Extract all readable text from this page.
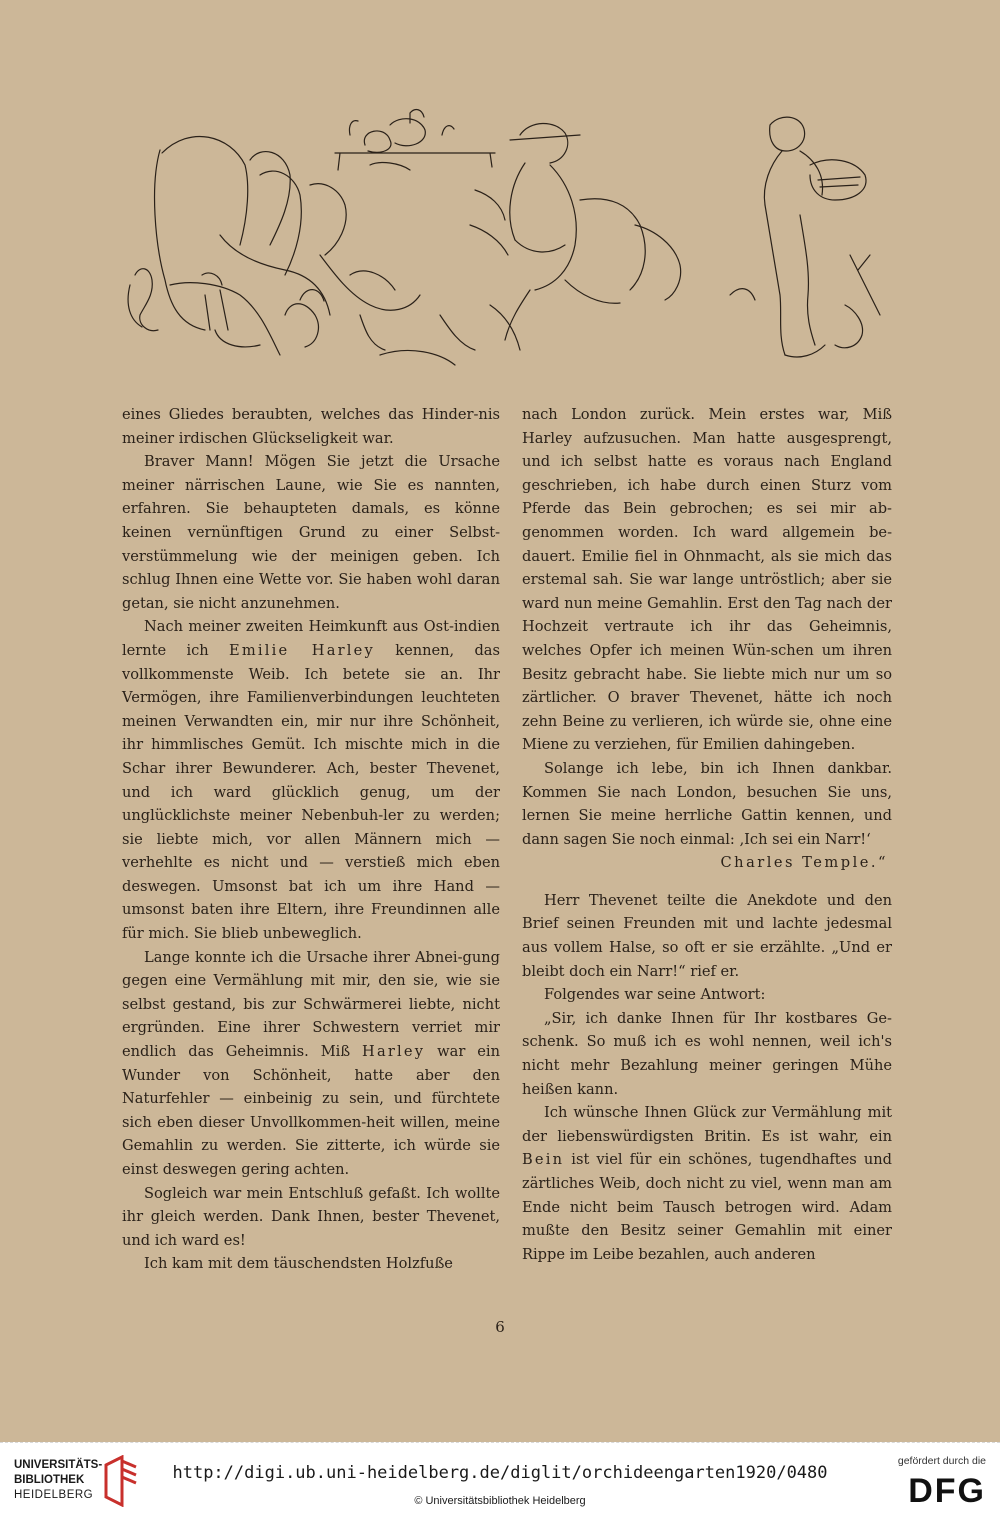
eines Gliedes beraubten, welches das Hinder-nis meiner irdischen Glückseligkeit war.

Braver Mann! Mögen Sie jetzt die Ursache meiner närrischen Laune, wie Sie es nannten, erfahren. Sie behaupteten damals, es könne keinen vernünftigen Grund zu einer Selbst-verstümmelung wie der meinigen geben. Ich schlug Ihnen eine Wette vor. Sie haben wohl daran getan, sie nicht anzunehmen.

Nach meiner zweiten Heimkunft aus Ost-indien lernte ich Emilie Harley kennen, das vollkommenste Weib. Ich betete sie an. Ihr Vermögen, ihre Familienverbindungen leuchteten meinen Verwandten ein, mir nur ihre Schönheit, ihr himmlisches Gemüt. Ich mischte mich in die Schar ihrer Bewunderer. Ach, bester Thevenet, und ich ward glücklich genug, um der unglücklichste meiner Nebenbuh-ler zu werden; sie liebte mich, vor allen Männern mich — verhehlte es nicht und — verstieß mich eben deswegen. Umsonst bat ich um ihre Hand — umsonst baten ihre Eltern, ihre Freundinnen alle für mich. Sie blieb unbeweglich.

Lange konnte ich die Ursache ihrer Abnei-gung gegen eine Vermählung mit mir, den sie, wie sie selbst gestand, bis zur Schwärmerei liebte, nicht ergründen. Eine ihrer Schwestern verriet mir endlich das Geheimnis. Miß Harley war ein Wunder von Schönheit, hatte aber den Naturfehler — einbeinig zu sein, und fürchtete sich eben dieser Unvollkommen-heit willen, meine Gemahlin zu werden. Sie zitterte, ich würde sie einst deswegen gering achten.

Sogleich war mein Entschluß gefaßt. Ich wollte ihr gleich werden. Dank Ihnen, bester Thevenet, und ich ward es!

Ich kam mit dem täuschendsten Holzfuße

nach London zurück. Mein erstes war, Miß Harley aufzusuchen. Man hatte ausgesprengt, und ich selbst hatte es voraus nach England geschrieben, ich habe durch einen Sturz vom Pferde das Bein gebrochen; es sei mir ab-genommen worden. Ich ward allgemein be-dauert. Emilie fiel in Ohnmacht, als sie mich das erstemal sah. Sie war lange untröstlich; aber sie ward nun meine Gemahlin. Erst den Tag nach der Hochzeit vertraute ich ihr das Geheimnis, welches Opfer ich meinen Wün-schen um ihren Besitz gebracht habe. Sie liebte mich nur um so zärtlicher. O braver Thevenet, hätte ich noch zehn Beine zu verlieren, ich würde sie, ohne eine Miene zu verziehen, für Emilien dahingeben.

Solange ich lebe, bin ich Ihnen dankbar. Kommen Sie nach London, besuchen Sie uns, lernen Sie meine herrliche Gattin kennen, und dann sagen Sie noch einmal: ‚Ich sei ein Narr!‘

Charles Temple.“

Herr Thevenet teilte die Anekdote und den Brief seinen Freunden mit und lachte jedesmal aus vollem Halse, so oft er sie erzählte. „Und er bleibt doch ein Narr!“ rief er.

Folgendes war seine Antwort:

„Sir, ich danke Ihnen für Ihr kostbares Ge-schenk. So muß ich es wohl nennen, weil ich's nicht mehr Bezahlung meiner geringen Mühe heißen kann.

Ich wünsche Ihnen Glück zur Vermählung mit der liebenswürdigsten Britin. Es ist wahr, ein Bein ist viel für ein schönes, tugendhaftes und zärtliches Weib, doch nicht zu viel, wenn man am Ende nicht beim Tausch betrogen wird. Adam mußte den Besitz seiner Gemahlin mit einer Rippe im Leibe bezahlen, auch anderen

6
UNIVERSITÄTS-
BIBLIOTHEK
HEIDELBERG
http://digi.ub.uni-heidelberg.de/diglit/orchideengarten1920/0480
© Universitätsbibliothek Heidelberg
gefördert durch die
DFG
